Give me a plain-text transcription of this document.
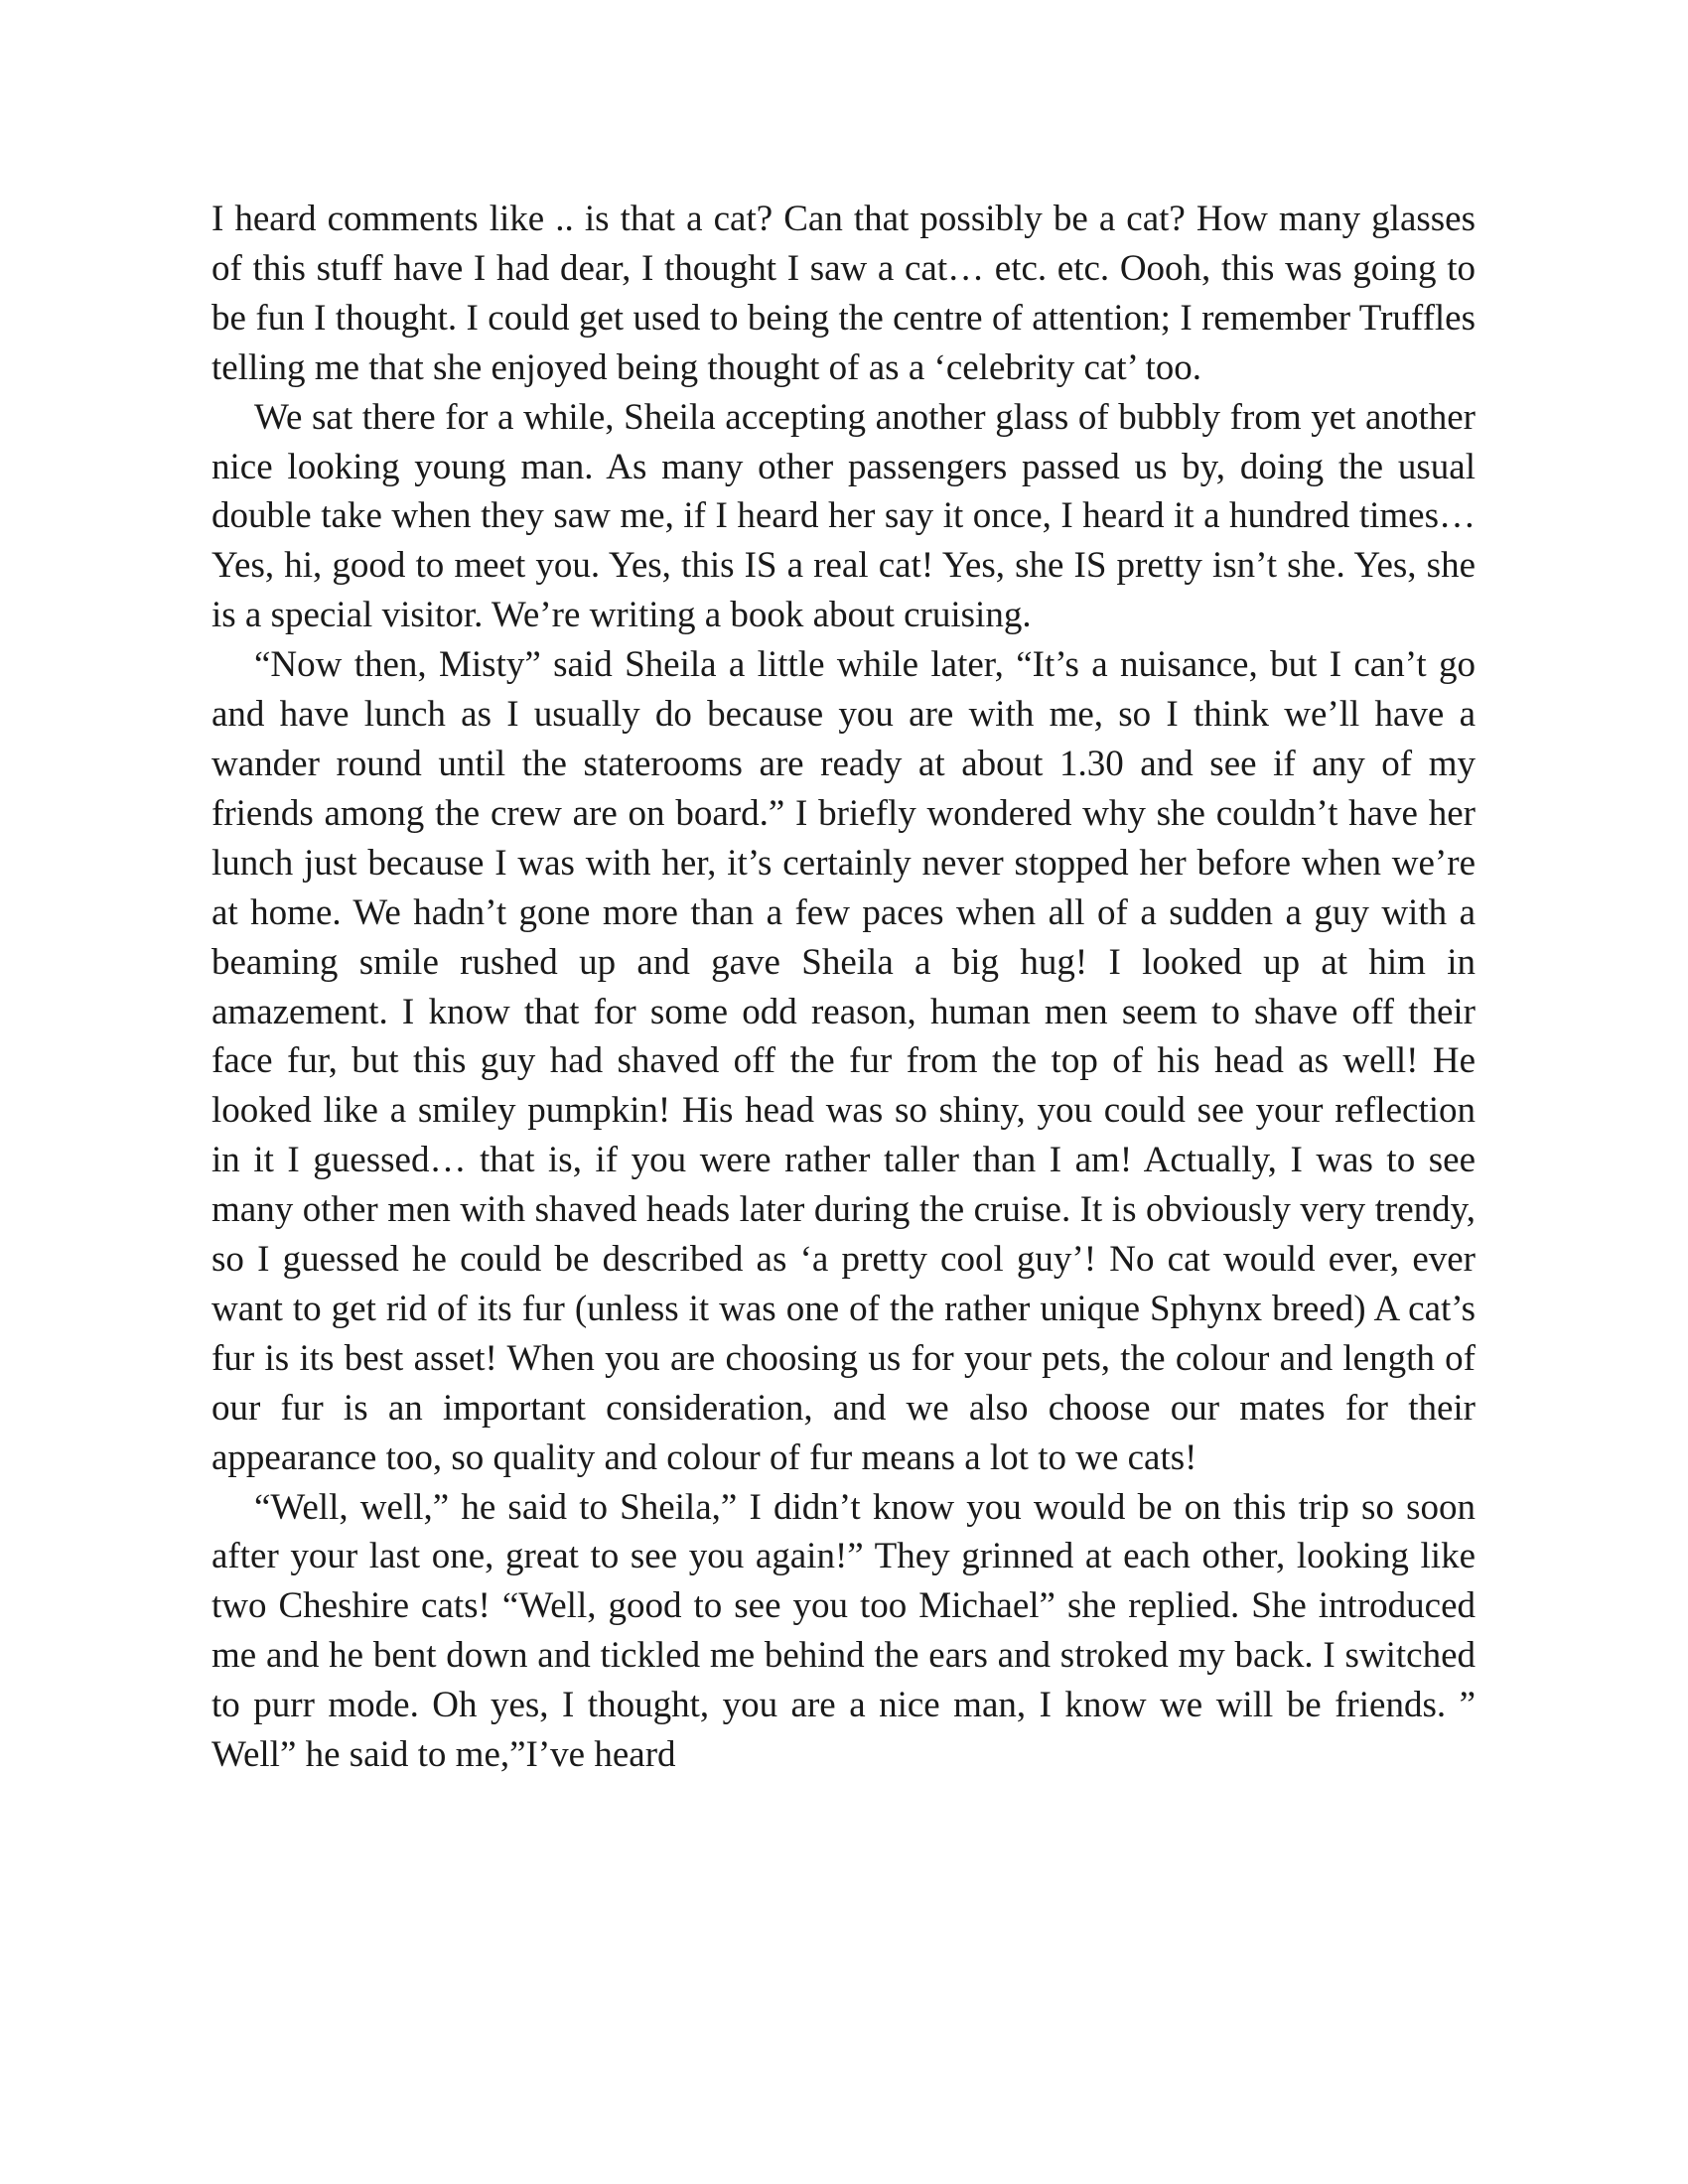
I heard comments like .. is that a cat? Can that possibly be a cat? How many glasses of this stuff have I had dear, I thought I saw a cat… etc. etc. Oooh, this was going to be fun I thought. I could get used to being the centre of attention; I remember Truffles telling me that she enjoyed being thought of as a ‘celebrity cat’ too.

We sat there for a while, Sheila accepting another glass of bubbly from yet another nice looking young man. As many other passengers passed us by, doing the usual double take when they saw me, if I heard her say it once, I heard it a hundred times… Yes, hi, good to meet you. Yes, this IS a real cat! Yes, she IS pretty isn’t she. Yes, she is a special visitor. We’re writing a book about cruising.

“Now then, Misty” said Sheila a little while later, “It’s a nuisance, but I can’t go and have lunch as I usually do because you are with me, so I think we’ll have a wander round until the staterooms are ready at about 1.30 and see if any of my friends among the crew are on board.” I briefly wondered why she couldn’t have her lunch just because I was with her, it’s certainly never stopped her before when we’re at home. We hadn’t gone more than a few paces when all of a sudden a guy with a beaming smile rushed up and gave Sheila a big hug! I looked up at him in amazement. I know that for some odd reason, human men seem to shave off their face fur, but this guy had shaved off the fur from the top of his head as well! He looked like a smiley pumpkin! His head was so shiny, you could see your reflection in it I guessed… that is, if you were rather taller than I am! Actually, I was to see many other men with shaved heads later during the cruise. It is obviously very trendy, so I guessed he could be described as ‘a pretty cool guy’! No cat would ever, ever want to get rid of its fur (unless it was one of the rather unique Sphynx breed) A cat’s fur is its best asset! When you are choosing us for your pets, the colour and length of our fur is an important consideration, and we also choose our mates for their appearance too, so quality and colour of fur means a lot to we cats!

“Well, well,” he said to Sheila,” I didn’t know you would be on this trip so soon after your last one, great to see you again!” They grinned at each other, looking like two Cheshire cats! “Well, good to see you too Michael” she replied. She introduced me and he bent down and tickled me behind the ears and stroked my back. I switched to purr mode. Oh yes, I thought, you are a nice man, I know we will be friends. ” Well” he said to me,”I’ve heard
